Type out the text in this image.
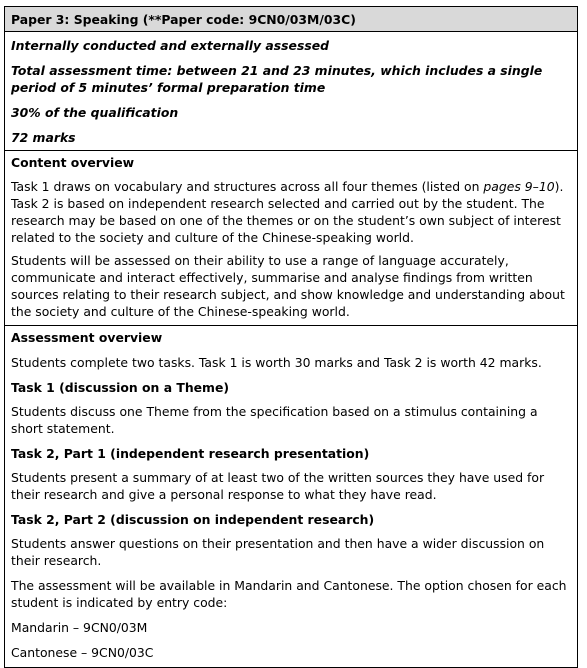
Paper 3: Speaking (**Paper code: 9CN0/03M/03C)

Internally conducted and externally assessed

Total assessment time: between 21 and 23 minutes, which includes a single period of 5 minutes’ formal preparation time

30% of the qualification

72 marks

Content overview

Task 1 draws on vocabulary and structures across all four themes (listed on pages 9–10). Task 2 is based on independent research selected and carried out by the student. The research may be based on one of the themes or on the student’s own subject of interest related to the society and culture of the Chinese-speaking world.

Students will be assessed on their ability to use a range of language accurately, communicate and interact effectively, summarise and analyse findings from written sources relating to their research subject, and show knowledge and understanding about the society and culture of the Chinese-speaking world.

Assessment overview

Students complete two tasks. Task 1 is worth 30 marks and Task 2 is worth 42 marks.

Task 1 (discussion on a Theme)

Students discuss one Theme from the specification based on a stimulus containing a short statement.

Task 2, Part 1 (independent research presentation)

Students present a summary of at least two of the written sources they have used for their research and give a personal response to what they have read.

Task 2, Part 2 (discussion on independent research)

Students answer questions on their presentation and then have a wider discussion on their research.

The assessment will be available in Mandarin and Cantonese. The option chosen for each student is indicated by entry code:

Mandarin – 9CN0/03M

Cantonese – 9CN0/03C
